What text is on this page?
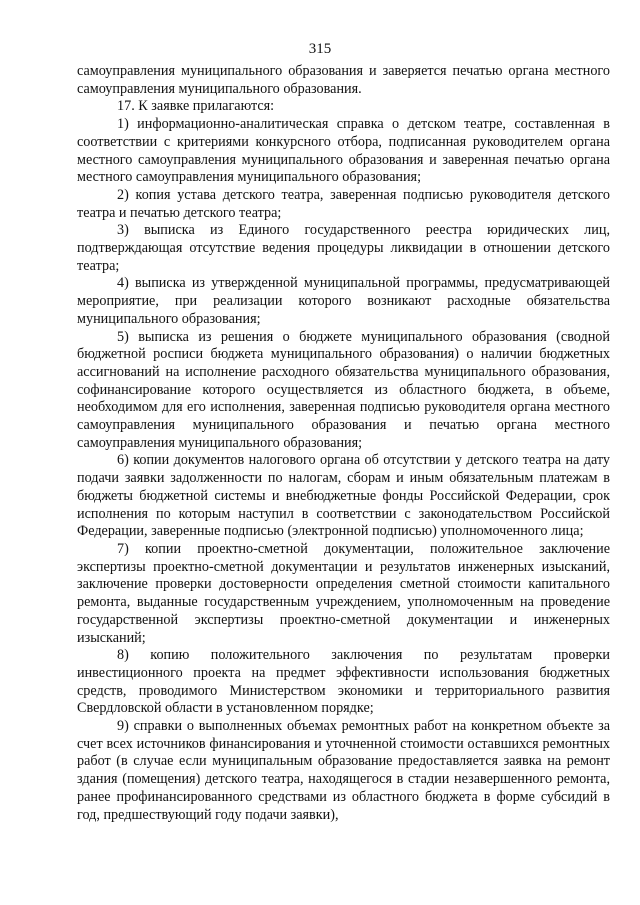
315

самоуправления муниципального образования и заверяется печатью органа местного самоуправления муниципального образования.

17. К заявке прилагаются:

1) информационно-аналитическая справка о детском театре, составленная в соответствии с критериями конкурсного отбора, подписанная руководителем органа местного самоуправления муниципального образования и заверенная печатью органа местного самоуправления муниципального образования;

2) копия устава детского театра, заверенная подписью руководителя детского театра и печатью детского театра;

3) выписка из Единого государственного реестра юридических лиц, подтверждающая отсутствие ведения процедуры ликвидации в отношении детского театра;

4) выписка из утвержденной муниципальной программы, предусматривающей мероприятие, при реализации которого возникают расходные обязательства муниципального образования;

5) выписка из решения о бюджете муниципального образования (сводной бюджетной росписи бюджета муниципального образования) о наличии бюджетных ассигнований на исполнение расходного обязательства муниципального образования, софинансирование которого осуществляется из областного бюджета, в объеме, необходимом для его исполнения, заверенная подписью руководителя органа местного самоуправления муниципального образования и печатью органа местного самоуправления муниципального образования;

6) копии документов налогового органа об отсутствии у детского театра на дату подачи заявки задолженности по налогам, сборам и иным обязательным платежам в бюджеты бюджетной системы и внебюджетные фонды Российской Федерации, срок исполнения по которым наступил в соответствии с законодательством Российской Федерации, заверенные подписью (электронной подписью) уполномоченного лица;

7) копии проектно-сметной документации, положительное заключение экспертизы проектно-сметной документации и результатов инженерных изысканий, заключение проверки достоверности определения сметной стоимости капитального ремонта, выданные государственным учреждением, уполномоченным на проведение государственной экспертизы проектно-сметной документации и инженерных изысканий;

8) копию положительного заключения по результатам проверки инвестиционного проекта на предмет эффективности использования бюджетных средств, проводимого Министерством экономики и территориального развития Свердловской области в установленном порядке;

9) справки о выполненных объемах ремонтных работ на конкретном объекте за счет всех источников финансирования и уточненной стоимости оставшихся ремонтных работ (в случае если муниципальным образование предоставляется заявка на ремонт здания (помещения) детского театра, находящегося в стадии незавершенного ремонта, ранее профинансированного средствами из областного бюджета в форме субсидий в год, предшествующий году подачи заявки),
